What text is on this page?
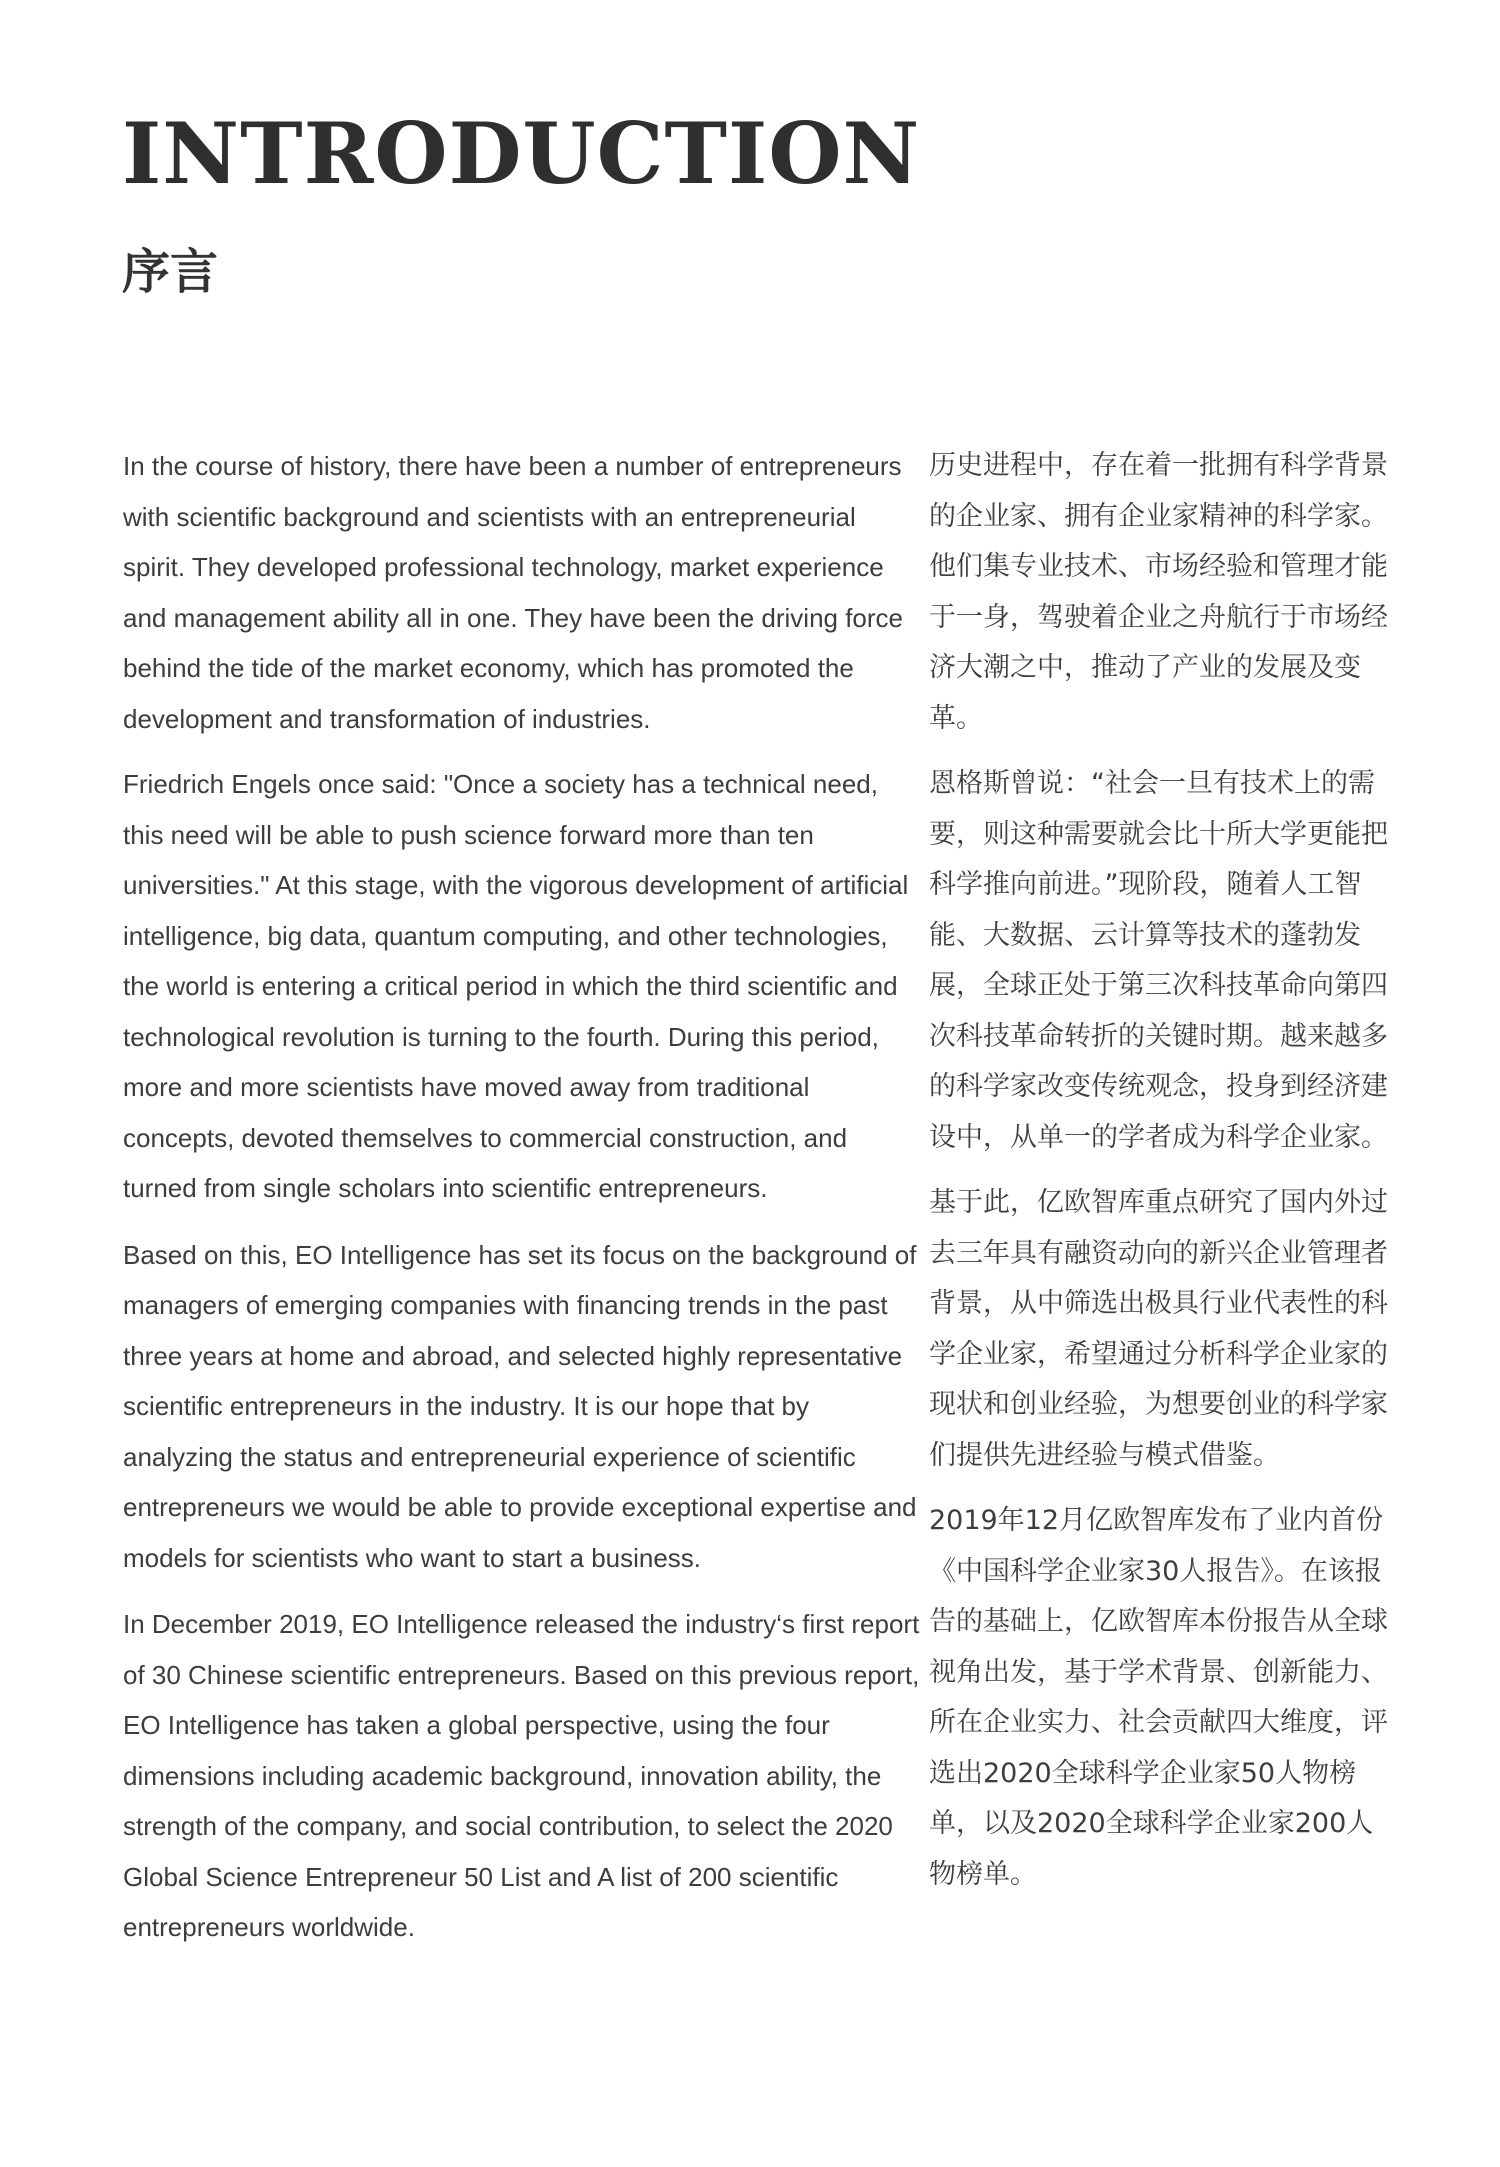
INTRODUCTION
序言

In the course of history, there have been a number of entrepreneurs with scientific background and scientists with an entrepreneurial spirit. They developed professional technology, market experience and management ability all in one. They have been the driving force behind the tide of the market economy, which has promoted the development and transformation of industries.

Friedrich Engels once said: "Once a society has a technical need, this need will be able to push science forward more than ten universities." At this stage, with the vigorous development of artificial intelligence, big data, quantum computing, and other technologies, the world is entering a critical period in which the third scientific and technological revolution is turning to the fourth. During this period, more and more scientists have moved away from traditional concepts, devoted themselves to commercial construction, and turned from single scholars into scientific entrepreneurs.

Based on this, EO Intelligence has set its focus on the background of managers of emerging companies with financing trends in the past three years at home and abroad, and selected highly representative scientific entrepreneurs in the industry. It is our hope that by analyzing the status and entrepreneurial experience of scientific entrepreneurs we would be able to provide exceptional expertise and models for scientists who want to start a business.

In December 2019, EO Intelligence released the industry‘s first report of 30 Chinese scientific entrepreneurs. Based on this previous report, EO Intelligence has taken a global perspective, using the four dimensions including academic background, innovation ability, the strength of the company, and social contribution, to select the 2020 Global Science Entrepreneur 50 List and A list of 200 scientific entrepreneurs worldwide.

历史进程中，存在着一批拥有科学背景的企业家、拥有企业家精神的科学家。他们集专业技术、市场经验和管理才能于一身，驾驶着企业之舟航行于市场经济大潮之中，推动了产业的发展及变革。

恩格斯曾说：“社会一旦有技术上的需要，则这种需要就会比十所大学更能把科学推向前进。”现阶段，随着人工智能、大数据、云计算等技术的蓬勃发展，全球正处于第三次科技革命向第四次科技革命转折的关键时期。越来越多的科学家改变传统观念，投身到经济建设中，从单一的学者成为科学企业家。

基于此，亿欧智库重点研究了国内外过去三年具有融资动向的新兴企业管理者背景，从中筛选出极具行业代表性的科学企业家，希望通过分析科学企业家的现状和创业经验，为想要创业的科学家们提供先进经验与模式借鉴。

2019年12月亿欧智库发布了业内首份《中国科学企业家30人报告》。在该报告的基础上，亿欧智库本份报告从全球视角出发，基于学术背景、创新能力、所在企业实力、社会贡献四大维度，评选出2020全球科学企业家50人物榜单，以及2020全球科学企业家200人物榜单。
